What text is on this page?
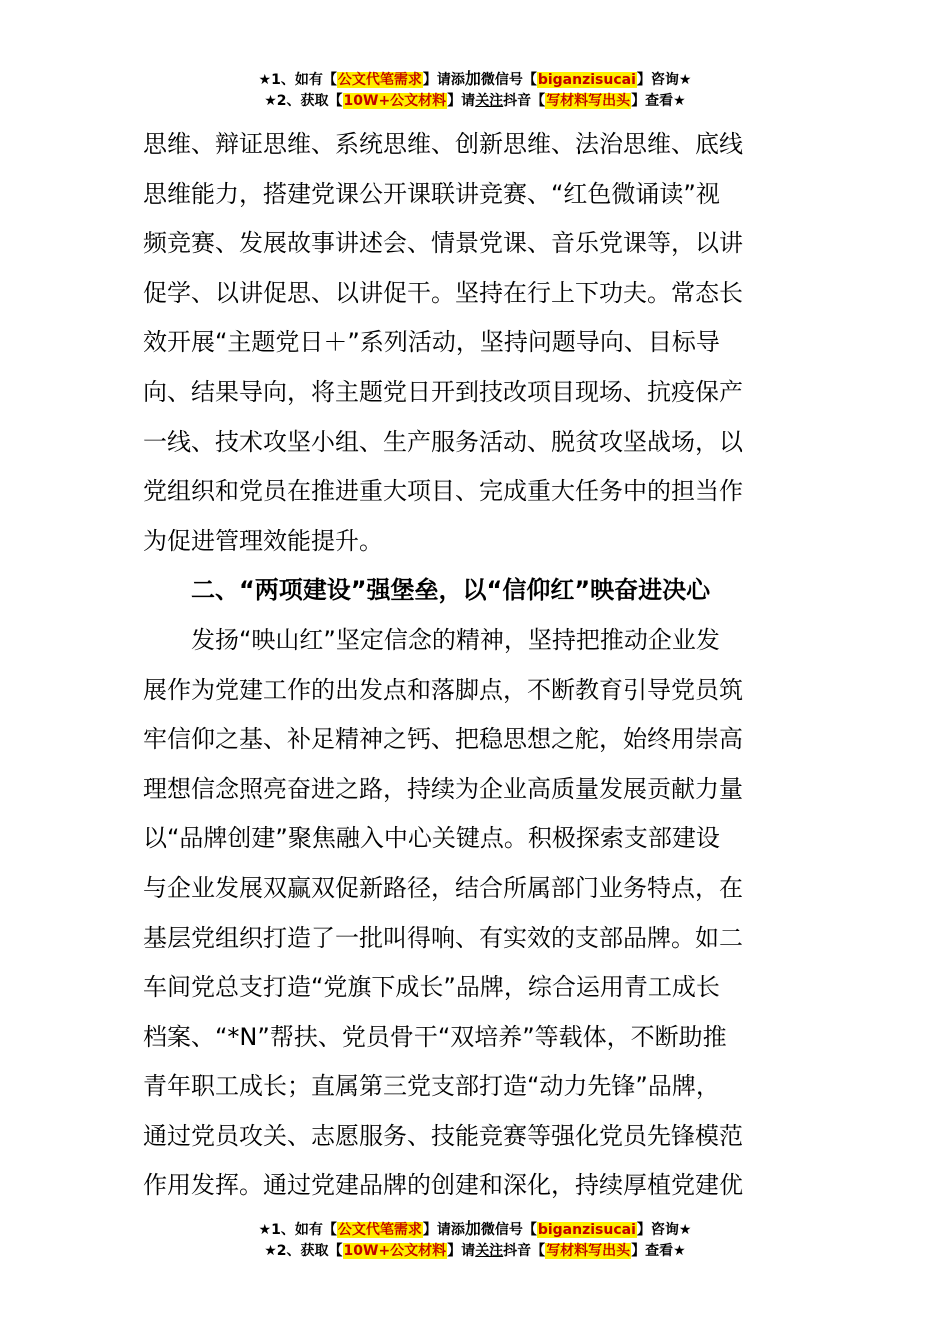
★1、如有【公文代笔需求】请添加微信号【biganzisucai】咨询★
★2、获取【10W+公文材料】请关注抖音【写材料写出头】查看★
思维、辩证思维、系统思维、创新思维、法治思维、底线
思维能力，搭建党课公开课联讲竞赛、“红色微诵读”视
频竞赛、发展故事讲述会、情景党课、音乐党课等，以讲
促学、以讲促思、以讲促干。坚持在行上下功夫。常态长
效开展“主题党日＋”系列活动，坚持问题导向、目标导
向、结果导向，将主题党日开到技改项目现场、抗疫保产
一线、技术攻坚小组、生产服务活动、脱贫攻坚战场，以
党组织和党员在推进重大项目、完成重大任务中的担当作
为促进管理效能提升。
二、“两项建设”强堡垒，以“信仰红”映奋进决心
发扬“映山红”坚定信念的精神，坚持把推动企业发
展作为党建工作的出发点和落脚点，不断教育引导党员筑
牢信仰之基、补足精神之钙、把稳思想之舵，始终用崇高
理想信念照亮奋进之路，持续为企业高质量发展贡献力量
以“品牌创建”聚焦融入中心关键点。积极探索支部建设
与企业发展双赢双促新路径，结合所属部门业务特点，在
基层党组织打造了一批叫得响、有实效的支部品牌。如二
车间党总支打造“党旗下成长”品牌，综合运用青工成长
档案、“*N”帮扶、党员骨干“双培养”等载体，不断助推
青年职工成长；直属第三党支部打造“动力先锋”品牌，
通过党员攻关、志愿服务、技能竞赛等强化党员先锋模范
作用发挥。通过党建品牌的创建和深化，持续厚植党建优
★1、如有【公文代笔需求】请添加微信号【biganzisucai】咨询★
★2、获取【10W+公文材料】请关注抖音【写材料写出头】查看★
